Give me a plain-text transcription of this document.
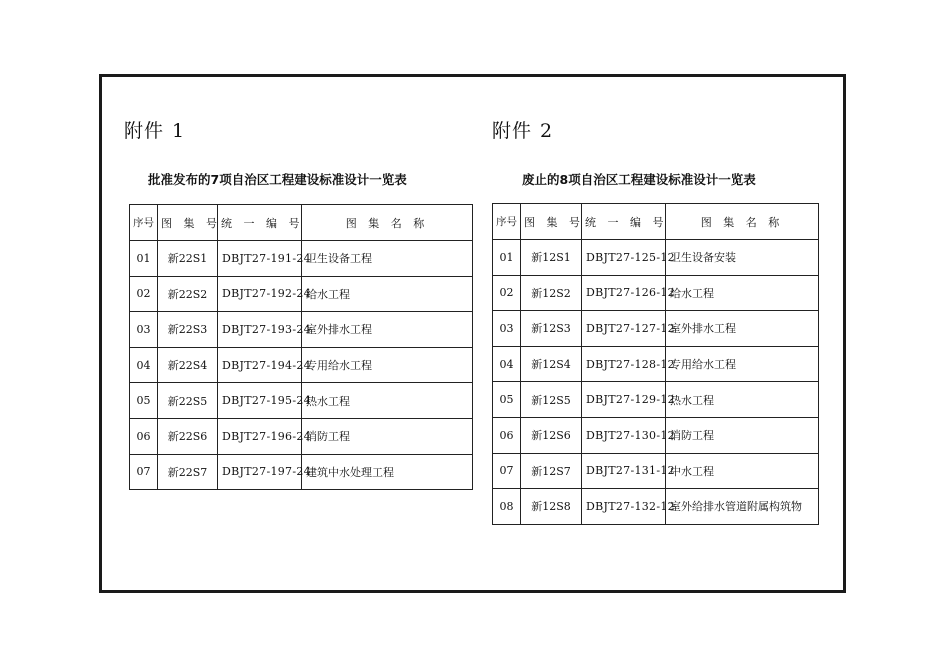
附件 1
批准发布的7项自治区工程建设标准设计一览表
序号	图 集 号	统 一 编 号	图 集 名 称
01	新22S1	DBJT27-191-24	卫生设备工程
02	新22S2	DBJT27-192-24	给水工程
03	新22S3	DBJT27-193-24	室外排水工程
04	新22S4	DBJT27-194-24	专用给水工程
05	新22S5	DBJT27-195-24	热水工程
06	新22S6	DBJT27-196-24	消防工程
07	新22S7	DBJT27-197-24	建筑中水处理工程
附件 2
废止的8项自治区工程建设标准设计一览表
序号	图 集 号	统 一 编 号	图 集 名 称
01	新12S1	DBJT27-125-12	卫生设备安装
02	新12S2	DBJT27-126-12	给水工程
03	新12S3	DBJT27-127-12	室外排水工程
04	新12S4	DBJT27-128-12	专用给水工程
05	新12S5	DBJT27-129-12	热水工程
06	新12S6	DBJT27-130-12	消防工程
07	新12S7	DBJT27-131-12	中水工程
08	新12S8	DBJT27-132-12	室外给排水管道附属构筑物
